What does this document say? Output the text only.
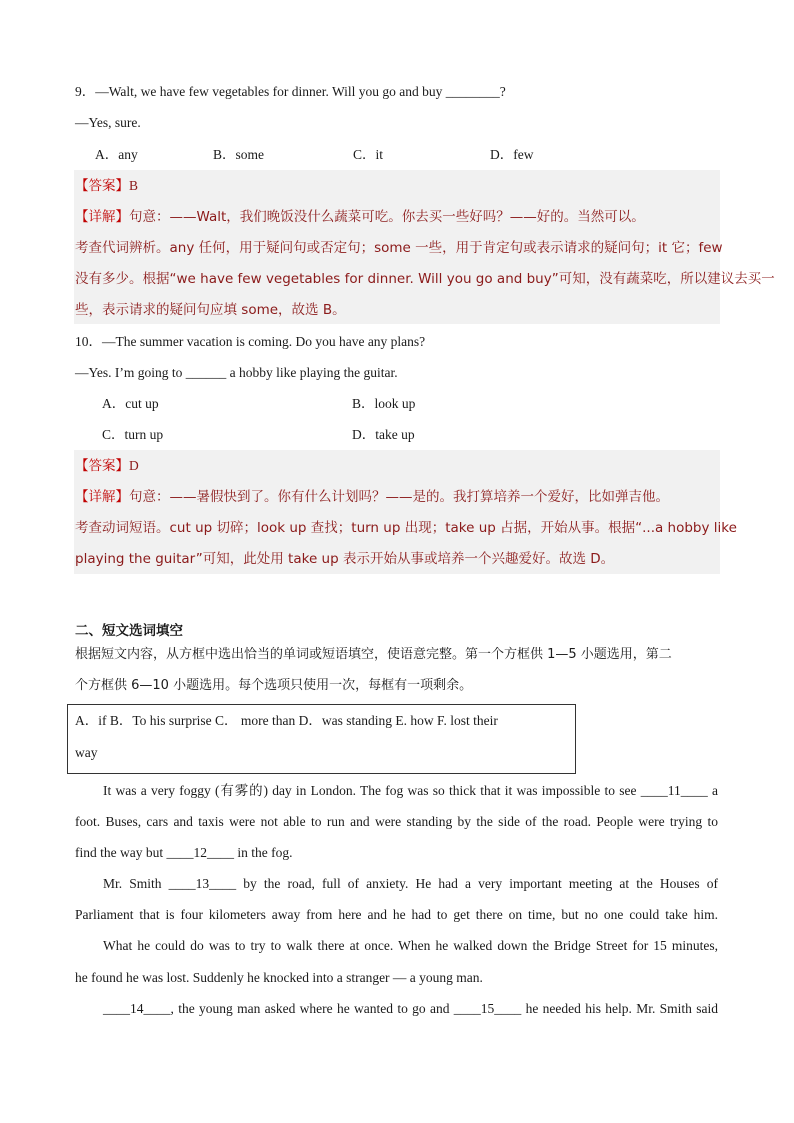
9．—Walt, we have few vegetables for dinner. Will you go and buy ________?
—Yes, sure.
A．any	B．some	C．it	D．few
【答案】B
【详解】句意：——Walt，我们晚饭没什么蔬菜可吃。你去买一些好吗？——好的。当然可以。
考查代词辨析。any 任何，用于疑问句或否定句；some 一些，用于肯定句或表示请求的疑问句；it 它；few
没有多少。根据“we have few vegetables for dinner. Will you go and buy”可知，没有蔬菜吃，所以建议去买一
些，表示请求的疑问句应填 some，故选 B。
10．—The summer vacation is coming. Do you have any plans?
—Yes. I’m going to ______ a hobby like playing the guitar.
A．cut up	B．look up
C．turn up	D．take up
【答案】D
【详解】句意：——暑假快到了。你有什么计划吗？——是的。我打算培养一个爱好，比如弹吉他。
考查动词短语。cut up 切碎；look up 查找；turn up 出现；take up 占据，开始从事。根据“...a hobby like
playing the guitar”可知，此处用 take up 表示开始从事或培养一个兴趣爱好。故选 D。
二、短文选词填空
根据短文内容，从方框中选出恰当的单词或短语填空，使语意完整。第一个方框供 1—5 小题选用，第二
个方框供 6—10 小题选用。每个选项只使用一次，每框有一项剩余。
A．if B．To his surprise C． more than D．was standing E. how F. lost their
way
It was a very foggy (有雾的) day in London. The fog was so thick that it was impossible to see ____11____ a
foot. Buses, cars and taxis were not able to run and were standing by the side of the road. People were trying to
find the way but ____12____ in the fog.
Mr. Smith ____13____ by the road, full of anxiety. He had a very important meeting at the Houses of
Parliament that is four kilometers away from here and he had to get there on time, but no one could take him.
What he could do was to try to walk there at once. When he walked down the Bridge Street for 15 minutes,
he found he was lost. Suddenly he knocked into a stranger — a young man.
____14____, the young man asked where he wanted to go and ____15____ he needed his help. Mr. Smith said
